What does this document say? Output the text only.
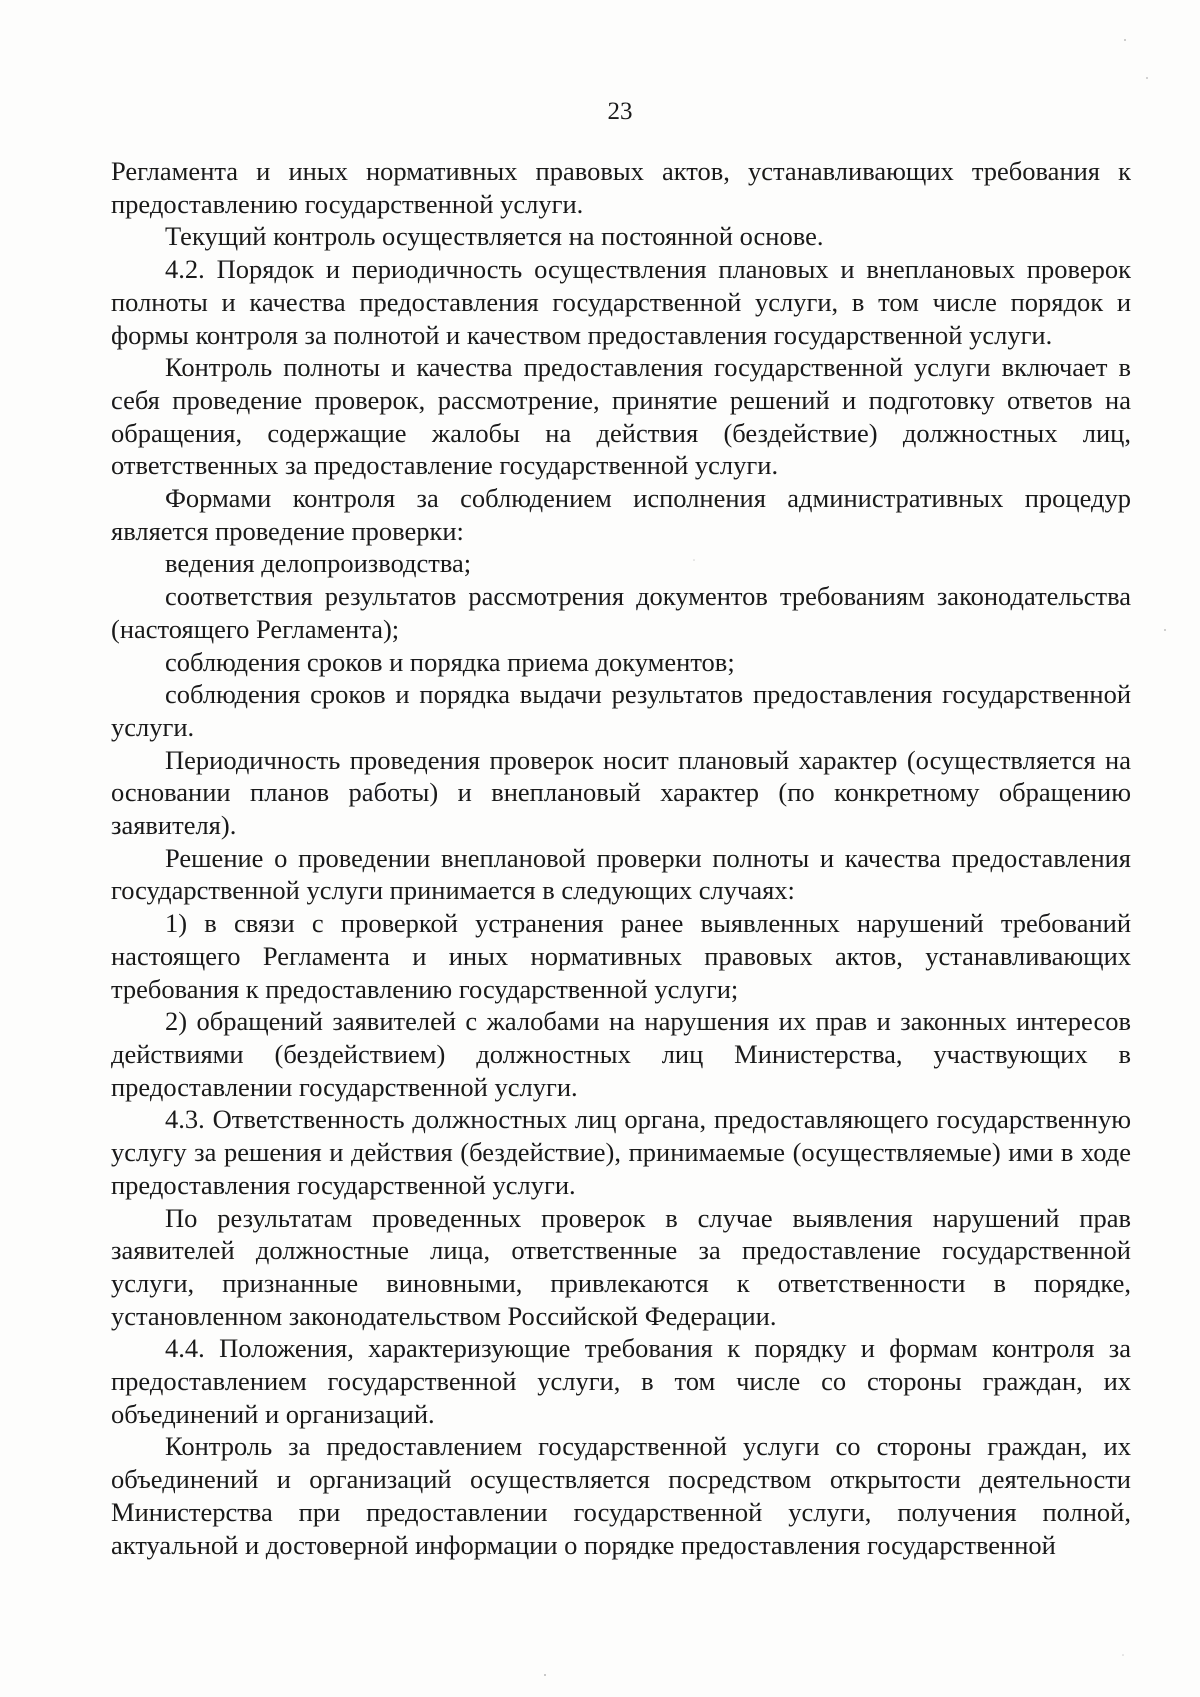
23

Регламента и иных нормативных правовых актов, устанавливающих требования к предоставлению государственной услуги.

Текущий контроль осуществляется на постоянной основе.

4.2. Порядок и периодичность осуществления плановых и внеплановых проверок полноты и качества предоставления государственной услуги, в том числе порядок и формы контроля за полнотой и качеством предоставления государственной услуги.

Контроль полноты и качества предоставления государственной услуги включает в себя проведение проверок, рассмотрение, принятие решений и подготовку ответов на обращения, содержащие жалобы на действия (бездействие) должностных лиц, ответственных за предоставление государственной услуги.

Формами контроля за соблюдением исполнения административных процедур является проведение проверки:

ведения делопроизводства;

соответствия результатов рассмотрения документов требованиям законодательства (настоящего Регламента);

соблюдения сроков и порядка приема документов;

соблюдения сроков и порядка выдачи результатов предоставления государственной услуги.

Периодичность проведения проверок носит плановый характер (осуществляется на основании планов работы) и внеплановый характер (по конкретному обращению заявителя).

Решение о проведении внеплановой проверки полноты и качества предоставления государственной услуги принимается в следующих случаях:

1) в связи с проверкой устранения ранее выявленных нарушений требований настоящего Регламента и иных нормативных правовых актов, устанавливающих требования к предоставлению государственной услуги;

2) обращений заявителей с жалобами на нарушения их прав и законных интересов действиями (бездействием) должностных лиц Министерства, участвующих в предоставлении государственной услуги.

4.3. Ответственность должностных лиц органа, предоставляющего государственную услугу за решения и действия (бездействие), принимаемые (осуществляемые) ими в ходе предоставления государственной услуги.

По результатам проведенных проверок в случае выявления нарушений прав заявителей должностные лица, ответственные за предоставление государственной услуги, признанные виновными, привлекаются к ответственности в порядке, установленном законодательством Российской Федерации.

4.4. Положения, характеризующие требования к порядку и формам контроля за предоставлением государственной услуги, в том числе со стороны граждан, их объединений и организаций.

Контроль за предоставлением государственной услуги со стороны граждан, их объединений и организаций осуществляется посредством открытости деятельности Министерства при предоставлении государственной услуги, получения полной, актуальной и достоверной информации о порядке предоставления государственной
